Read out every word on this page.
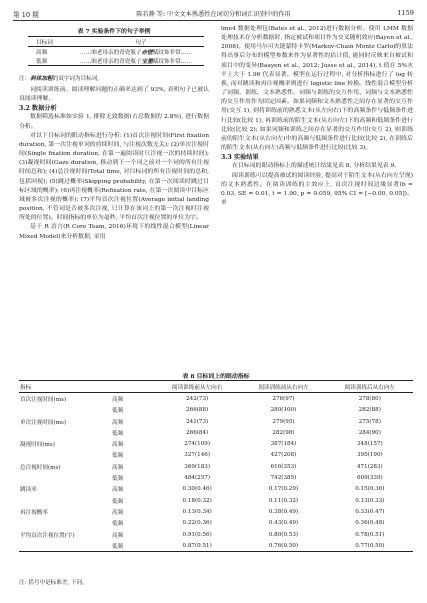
第 10 期	陈若静 等: 中文文本熟悉性在词切分和词汇识别中的作用	1159
表 7 实验条件下的句子举例
目标词	句子
高频	……咱老母亲的青瓷瓶子赤壁赋纹饰非常……
低频	……咱老母亲的青瓷瓶子宝墨赋纹饰非常……
注：斜体加粗的双字词为目标词。

词阅读训练前、阅读理解问题的正确率达到了 93%, 表明句子已被认真阅读理解。

3.2 数据分析

数据筛选标准如实验 1, 排除无效数据(占总数据的 2.8%), 进行数据分析。

对以下目标词的眼动指标进行分析: (1)首次注视时间(First fixation duration, 第一次注视单词的持续时间, 与注视次数无关); (2)单次注视时间(Single fixation duration, 在第一遍阅读时只注视一次的持续时间); (3)凝视时间(Gaze duration, 移动到下一个词之前对一个词的所有注视时间总和); (4)总注视时间(Total time, 对目标词的所有注视时间的总和, 包括回视); (5)跳过概率(Skipping probability, 在第一次阅读时跳过目标区域的概率); (6)再注视概率(Refixation rate, 在第一次阅读中目标区域被多次注视的概率); (7)平均首次注视位置(Average initial landing position, 不管词是否被多次注视, 只计算在该词上的第一次注视时注视所处的位置)。时间指标的单位为毫秒, 平均首次注视位置的单位为字。

基于 R 语言(R Core Team, 2016)环境下的线性混合模型(Linear Mixed Model)来分析数据, 采用

lme4 数据处理包(Bates et al., 2012)进行数据分析。使用 LMM 数据处理技术在分析数据时, 指定被试和项目作为交叉随机效应(Bayen et al., 2008)。使用马尔可夫链蒙特卡罗(Markov-Chain Monte Carlo)的算法得出事后分布的模型参数来作为显著性的估计值, 能同时反映来自被试和项目中的变异(Baayen et al., 2012; Josse et al., 2014), t 值在 5%水平上大于 1.96 代表显著。模型在运行过程中, 对分析指标进行了 log 转换, 而对跳读和再注视概率则进行 logistic line 转换。线性混合模型分析了词频、训练、文本熟悉性、词频与训练的交互作用、词频与文本熟悉性的交互作用作为固定因素。如果词频和文本熟悉性之间存在显著的交互作用(交互 1), 则将训练前的熟悉文本(从左向右)下的高频条件与低频条件进行比较(比较 1), 再训练前的陌生文本(从右向左)下的高频和低频条件进行比较(比较 2); 如果词频和训练之间存在显著的交互作用(交互 2), 则训练前的陌生文本(从右向左)中的高频与低频条件进行比较(比较 2), 在训练后的陌生文本(从右向左)高频与低频条件进行比较(比较 3)。

3.3 实验结果

在目标词的眼动指标上的描述统计结果见表 8, 分析结果见表 9。

阅读训练可以提高被试的阅读经验, 提高对于陌生文本(从右向左呈现)的文本熟悉性。在阅读训练的主效应上, 首次注视时间边缘显著(b = 0.03, SE = 0.01, t = 1.90, p = 0.059, 95% CI = [−0.00, 0.05])。单

表 8 目标词上的眼动指标
指标		阅读训练前从左向右	阅读训练前从右向左	阅读训练后从右向左
首次注视时间(ms)	高频	242(73)	276(97)	278(80)
	低频	266(88)	280(100)	282(88)
单次注视时间(ms)	高频	241(73)	279(95)	275(78)
	低频	266(84)	282(98)	284(90)
凝视时间(ms)	高频	274(109)	387(184)	348(157)
	低频	327(146)	427(208)	395(190)
总注视时间(ms)	高频	369(183)	616(353)	471(283)
	低频	484(257)	742(385)	609(339)
跳读率	高频	0.30(0.46)	0.17(0.29)	0.15(0.36)
	低频	0.18(0.32)	0.11(0.32)	0.13(0.33)
再注视概率	高频	0.13(0.34)	0.38(0.49)	0.33(0.47)
	低频	0.22(0.36)	0.43(0.49)	0.36(0.48)
平均首次注视位置(字)	高频	0.91(0.56)	0.80(0.53)	0.78(0.51)
	低频	0.87(0.51)	0.76(0.50)	0.77(0.50)
注: 括号中是标准差, 下同。
